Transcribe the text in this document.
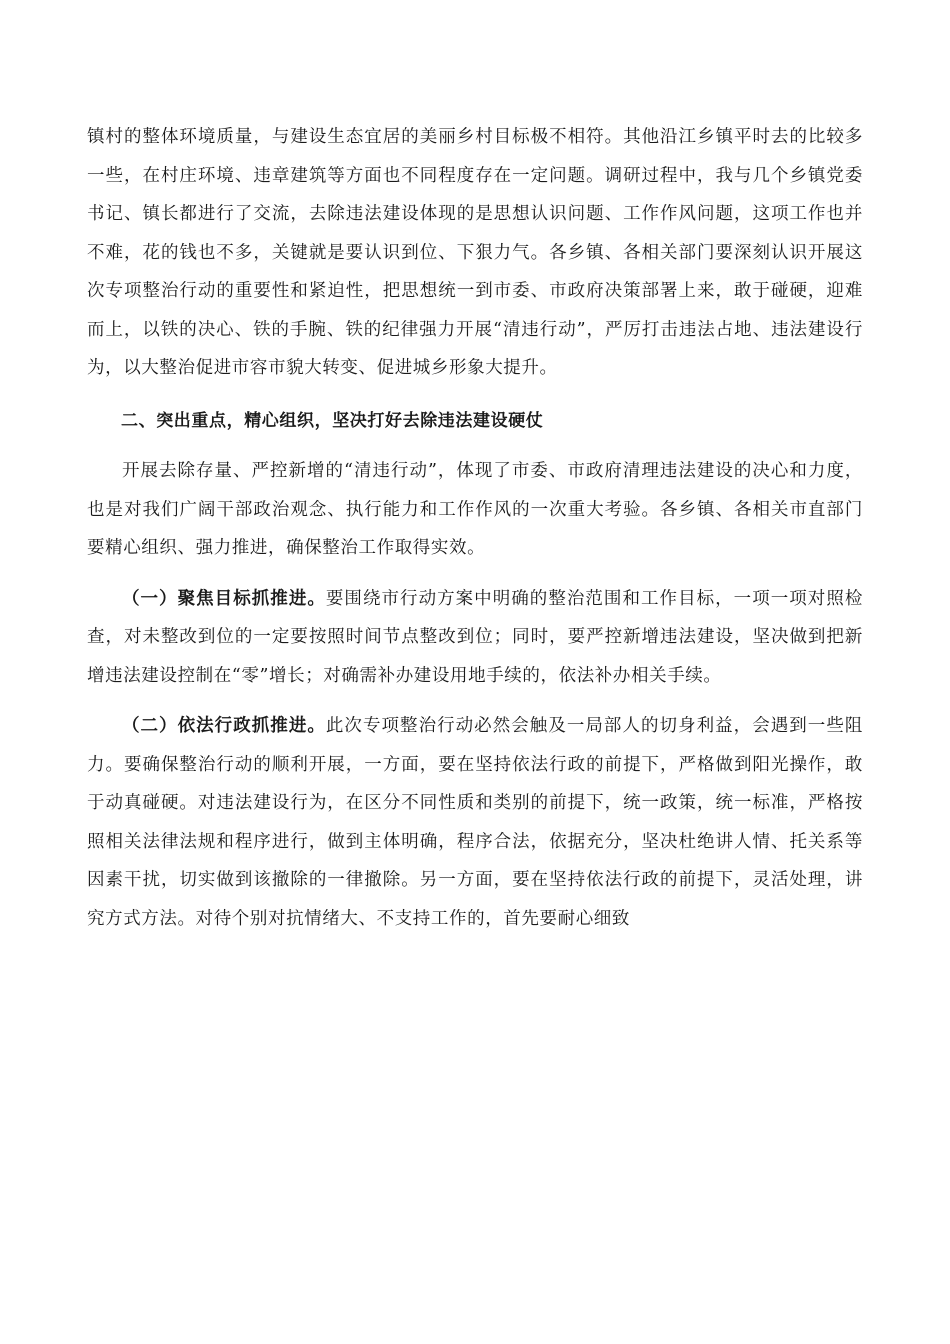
镇村的整体环境质量，与建设生态宜居的美丽乡村目标极不相符。其他沿江乡镇平时去的比较多一些，在村庄环境、违章建筑等方面也不同程度存在一定问题。调研过程中，我与几个乡镇党委书记、镇长都进行了交流，去除违法建设体现的是思想认识问题、工作作风问题，这项工作也并不难，花的钱也不多，关键就是要认识到位、下狠力气。各乡镇、各相关部门要深刻认识开展这次专项整治行动的重要性和紧迫性，把思想统一到市委、市政府决策部署上来，敢于碰硬，迎难而上，以铁的决心、铁的手腕、铁的纪律强力开展“清违行动”，严厉打击违法占地、违法建设行为，以大整治促进市容市貌大转变、促进城乡形象大提升。

二、突出重点，精心组织，坚决打好去除违法建设硬仗

开展去除存量、严控新增的“清违行动”，体现了市委、市政府清理违法建设的决心和力度，也是对我们广阔干部政治观念、执行能力和工作作风的一次重大考验。各乡镇、各相关市直部门要精心组织、强力推进，确保整治工作取得实效。

（一）聚焦目标抓推进。要围绕市行动方案中明确的整治范围和工作目标，一项一项对照检查，对未整改到位的一定要按照时间节点整改到位；同时，要严控新增违法建设，坚决做到把新增违法建设控制在“零”增长；对确需补办建设用地手续的，依法补办相关手续。

（二）依法行政抓推进。此次专项整治行动必然会触及一局部人的切身利益，会遇到一些阻力。要确保整治行动的顺利开展，一方面，要在坚持依法行政的前提下，严格做到阳光操作，敢于动真碰硬。对违法建设行为，在区分不同性质和类别的前提下，统一政策，统一标准，严格按照相关法律法规和程序进行，做到主体明确，程序合法，依据充分，坚决杜绝讲人情、托关系等因素干扰，切实做到该撤除的一律撤除。另一方面，要在坚持依法行政的前提下，灵活处理，讲究方式方法。对待个别对抗情绪大、不支持工作的，首先要耐心细致
